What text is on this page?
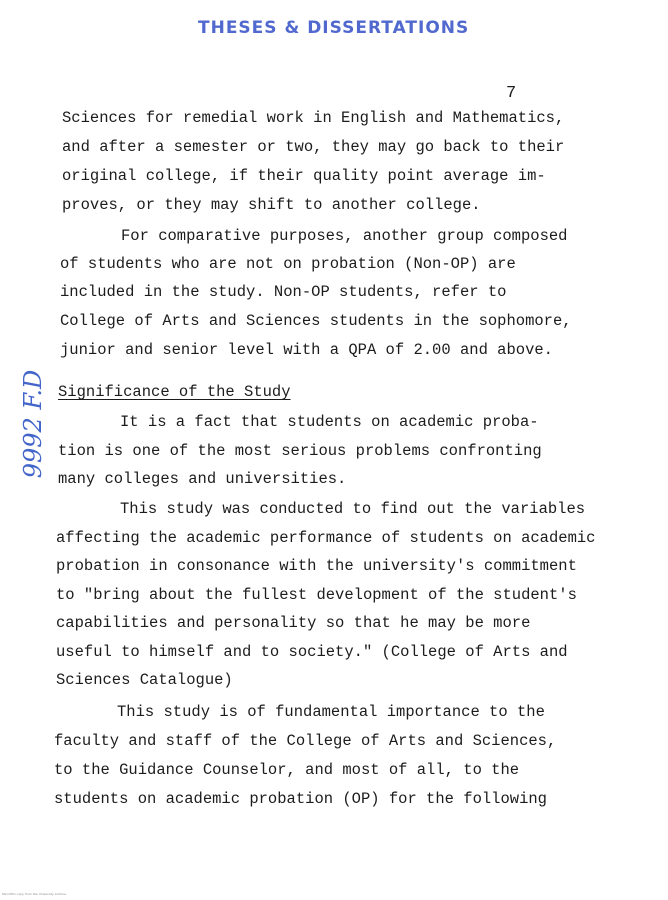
THESES & DISSERTATIONS
7
9992 F.D
Sciences for remedial work in English and Mathematics,
and after a semester or two, they may go back to their
original college, if their quality point average im-
proves, or they may shift to another college.
For comparative purposes, another group composed
of students who are not on probation (Non-OP) are
included in the study. Non-OP students, refer to
College of Arts and Sciences students in the sophomore,
junior and senior level with a QPA of 2.00 and above.
Significance of the Study
It is a fact that students on academic proba-
tion is one of the most serious problems confronting
many colleges and universities.
This study was conducted to find out the variables
affecting the academic performance of students on academic
probation in consonance with the university's commitment
to "bring about the fullest development of the student's
capabilities and personality so that he may be more
useful to himself and to society." (College of Arts and
Sciences Catalogue)
This study is of fundamental importance to the
faculty and staff of the College of Arts and Sciences,
to the Guidance Counselor, and most of all, to the
students on academic probation (OP) for the following
Microfilm copy from the University Archive
